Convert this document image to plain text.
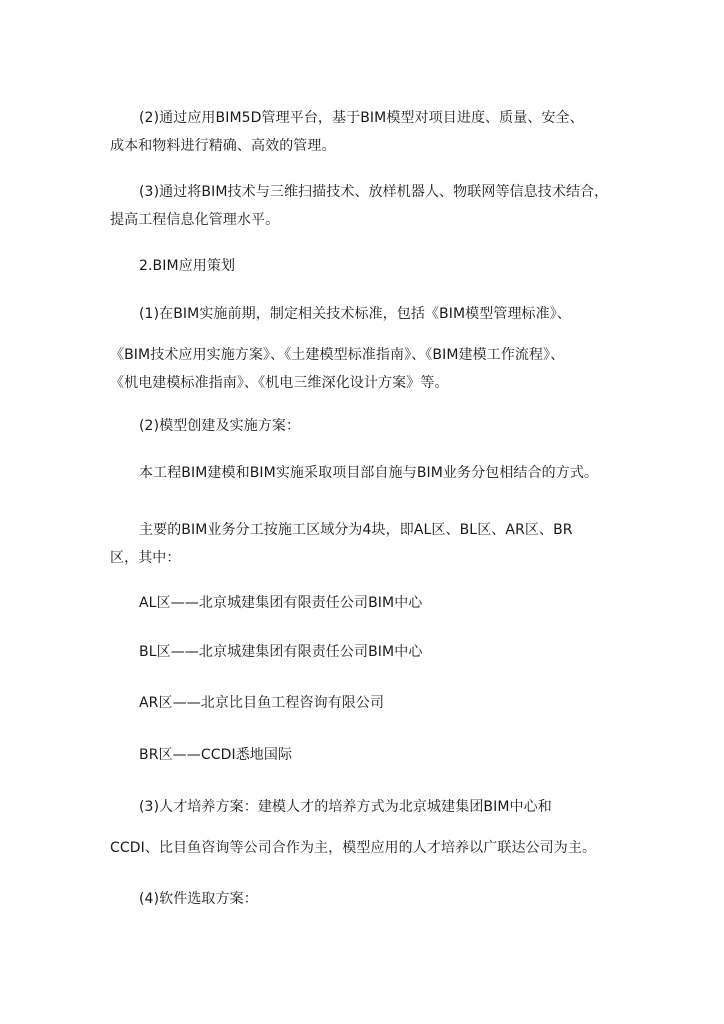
(2)通过应用BIM5D管理平台，基于BIM模型对项目进度、质量、安全、
成本和物料进行精确、高效的管理。
(3)通过将BIM技术与三维扫描技术、放样机器人、物联网等信息技术结合，
提高工程信息化管理水平。
2.BIM应用策划
(1)在BIM实施前期，制定相关技术标准，包括《BIM模型管理标准》、
《BIM技术应用实施方案》、《土建模型标准指南》、《BIM建模工作流程》、
《机电建模标准指南》、《机电三维深化设计方案》等。
(2)模型创建及实施方案：
本工程BIM建模和BIM实施采取项目部自施与BIM业务分包相结合的方式。
主要的BIM业务分工按施工区域分为4块，即AL区、BL区、AR区、BR
区，其中：
AL区——北京城建集团有限责任公司BIM中心
BL区——北京城建集团有限责任公司BIM中心
AR区——北京比目鱼工程咨询有限公司
BR区——CCDI悉地国际
(3)人才培养方案：建模人才的培养方式为北京城建集团BIM中心和
CCDI、比目鱼咨询等公司合作为主，模型应用的人才培养以广联达公司为主。
(4)软件选取方案：
